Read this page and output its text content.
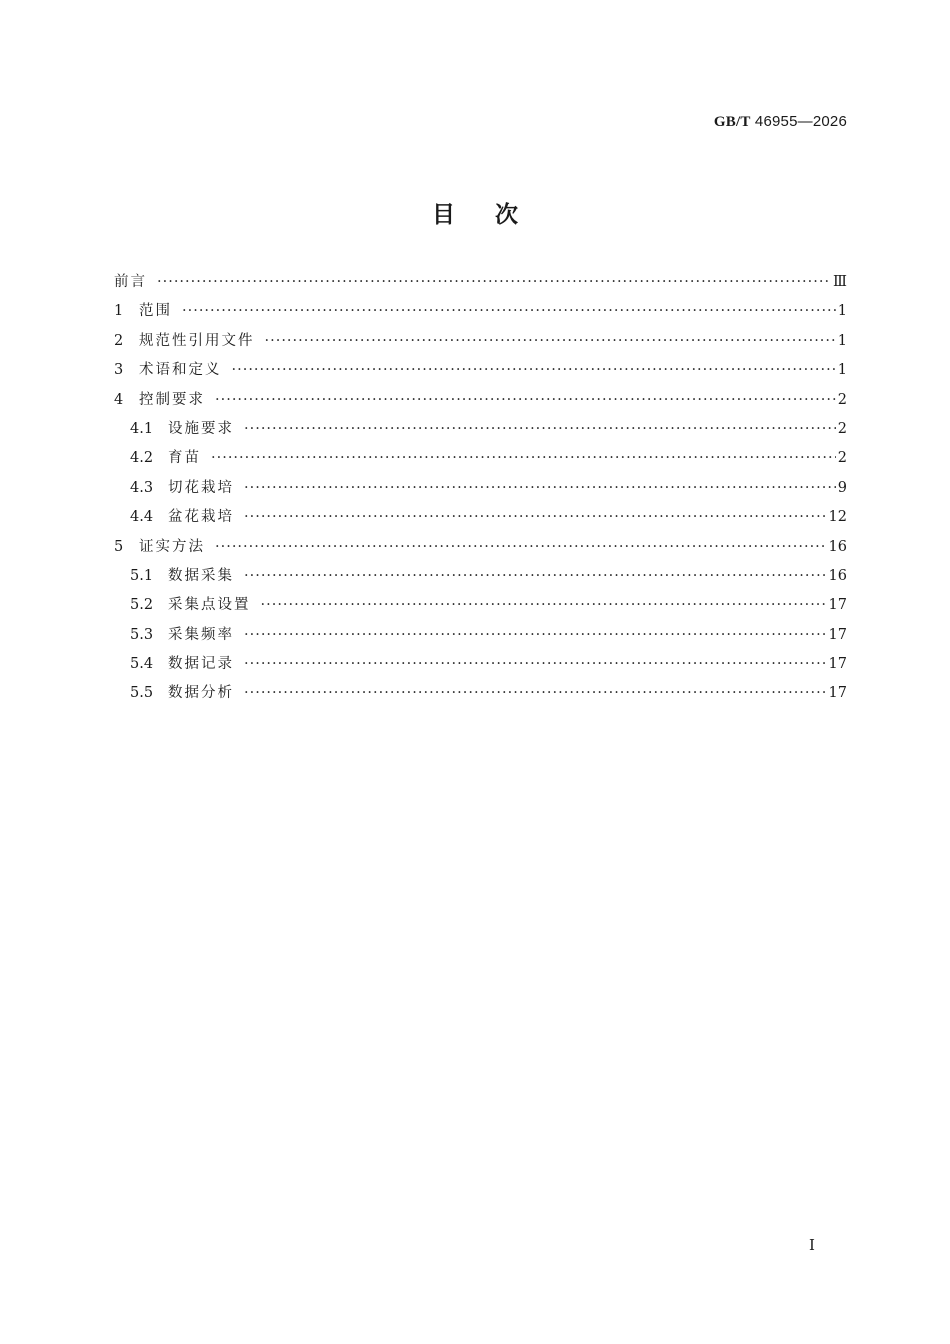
GB/T 46955—2026
目次
前言 ·····	Ⅲ
1	范围 ·····	1
2	规范性引用文件 ·····	1
3	术语和定义 ·····	1
4	控制要求 ·····	2
4.1	设施要求 ·····	2
4.2	育苗 ·····	2
4.3	切花栽培 ·····	9
4.4	盆花栽培 ·····	12
5	证实方法 ·····	16
5.1	数据采集 ·····	16
5.2	采集点设置 ·····	17
5.3	采集频率 ·····	17
5.4	数据记录 ·····	17
5.5	数据分析 ·····	17
I
